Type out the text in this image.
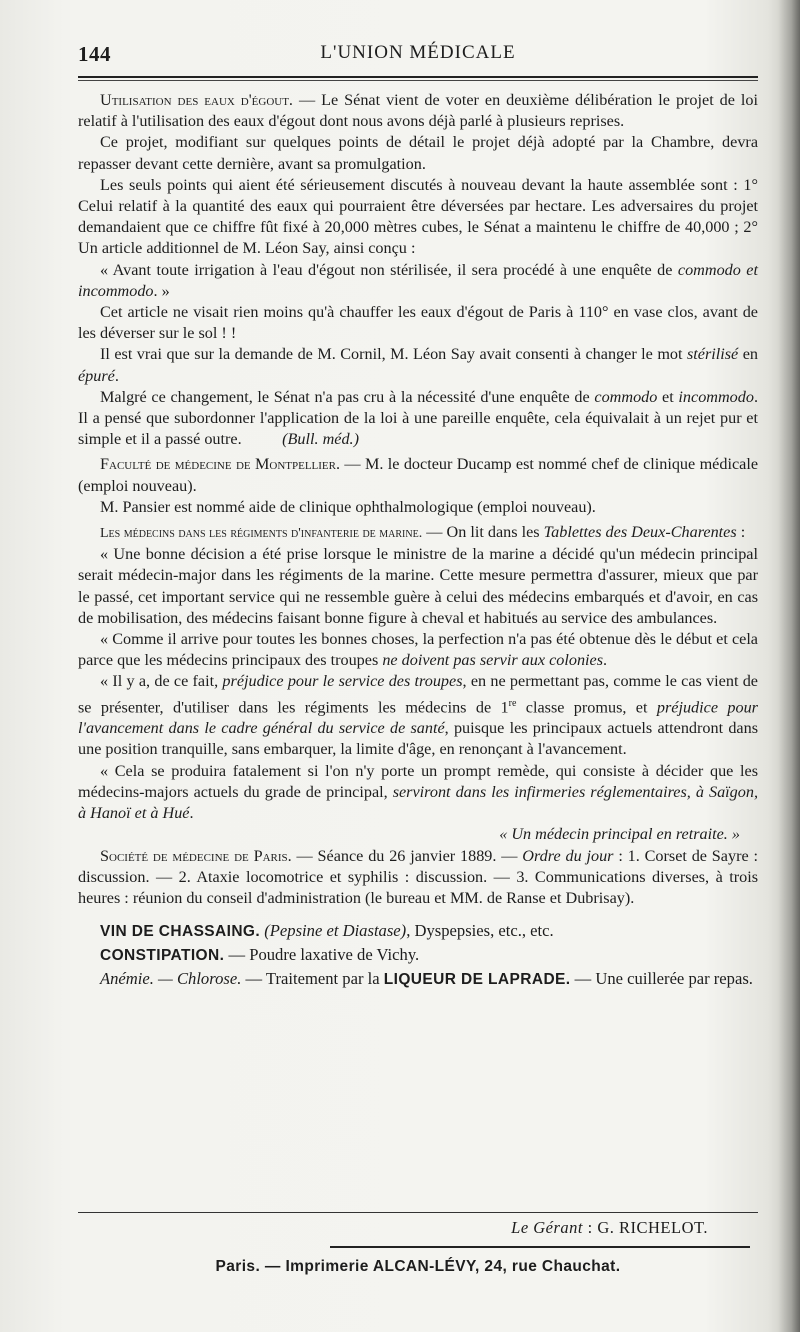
144	L'UNION MÉDICALE

Utilisation des eaux d'égout. — Le Sénat vient de voter en deuxième délibération le projet de loi relatif à l'utilisation des eaux d'égout dont nous avons déjà parlé à plusieurs reprises.

Ce projet, modifiant sur quelques points de détail le projet déjà adopté par la Chambre, devra repasser devant cette dernière, avant sa promulgation.

Les seuls points qui aient été sérieusement discutés à nouveau devant la haute assemblée sont : 1° Celui relatif à la quantité des eaux qui pourraient être déversées par hectare. Les adversaires du projet demandaient que ce chiffre fût fixé à 20,000 mètres cubes, le Sénat a maintenu le chiffre de 40,000 ; 2° Un article additionnel de M. Léon Say, ainsi conçu :

« Avant toute irrigation à l'eau d'égout non stérilisée, il sera procédé à une enquête de commodo et incommodo. »

Cet article ne visait rien moins qu'à chauffer les eaux d'égout de Paris à 110° en vase clos, avant de les déverser sur le sol ! !

Il est vrai que sur la demande de M. Cornil, M. Léon Say avait consenti à changer le mot stérilisé en épuré.

Malgré ce changement, le Sénat n'a pas cru à la nécessité d'une enquête de commodo et incommodo. Il a pensé que subordonner l'application de la loi à une pareille enquête, cela équivalait à un rejet pur et simple et il a passé outre. (Bull. méd.)

Faculté de médecine de Montpellier. — M. le docteur Ducamp est nommé chef de clinique médicale (emploi nouveau).

M. Pansier est nommé aide de clinique ophthalmologique (emploi nouveau).

Les médecins dans les régiments d'infanterie de marine. — On lit dans les Tablettes des Deux-Charentes :

« Une bonne décision a été prise lorsque le ministre de la marine a décidé qu'un médecin principal serait médecin-major dans les régiments de la marine. Cette mesure permettra d'assurer, mieux que par le passé, cet important service qui ne ressemble guère à celui des médecins embarqués et d'avoir, en cas de mobilisation, des médecins faisant bonne figure à cheval et habitués au service des ambulances.

« Comme il arrive pour toutes les bonnes choses, la perfection n'a pas été obtenue dès le début et cela parce que les médecins principaux des troupes ne doivent pas servir aux colonies.

« Il y a, de ce fait, préjudice pour le service des troupes, en ne permettant pas, comme le cas vient de se présenter, d'utiliser dans les régiments les médecins de 1re classe promus, et préjudice pour l'avancement dans le cadre général du service de santé, puisque les principaux actuels attendront dans une position tranquille, sans embarquer, la limite d'âge, en renonçant à l'avancement.

« Cela se produira fatalement si l'on n'y porte un prompt remède, qui consiste à décider que les médecins-majors actuels du grade de principal, serviront dans les infirmeries réglementaires, à Saïgon, à Hanoï et à Hué.

« Un médecin principal en retraite. »

Société de médecine de Paris. — Séance du 26 janvier 1889. — Ordre du jour : 1. Corset de Sayre : discussion. — 2. Ataxie locomotrice et syphilis : discussion. — 3. Communications diverses, à trois heures : réunion du conseil d'administration (le bureau et MM. de Ranse et Dubrisay).

VIN DE CHASSAING. (Pepsine et Diastase), Dyspepsies, etc., etc.

CONSTIPATION. — Poudre laxative de Vichy.

Anémie. — Chlorose. — Traitement par la LIQUEUR DE LAPRADE. — Une cuillerée par repas.

Le Gérant : G. RICHELOT.
Paris. — Imprimerie ALCAN-LÉVY, 24, rue Chauchat.
